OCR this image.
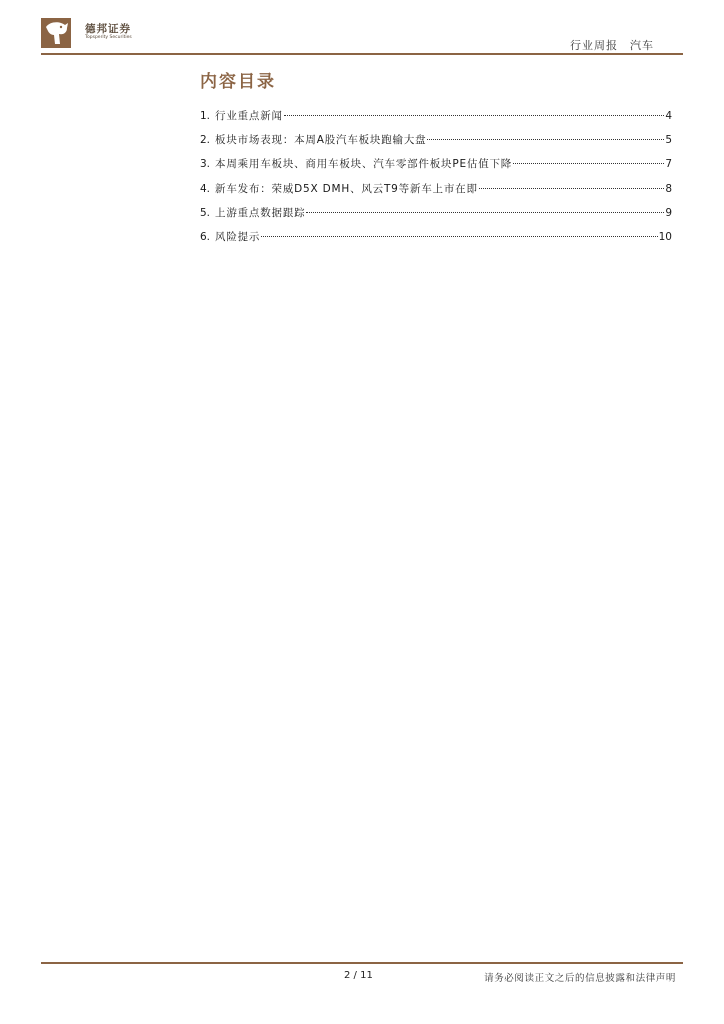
德邦证券
Topsperity Securities
行业周报 汽车
内容目录
1. 行业重点新闻	4
2. 板块市场表现：本周A股汽车板块跑输大盘	5
3. 本周乘用车板块、商用车板块、汽车零部件板块PE估值下降	7
4. 新车发布：荣威D5X DMH、风云T9等新车上市在即	8
5. 上游重点数据跟踪	9
6. 风险提示	10
2 / 11	请务必阅读正文之后的信息披露和法律声明
